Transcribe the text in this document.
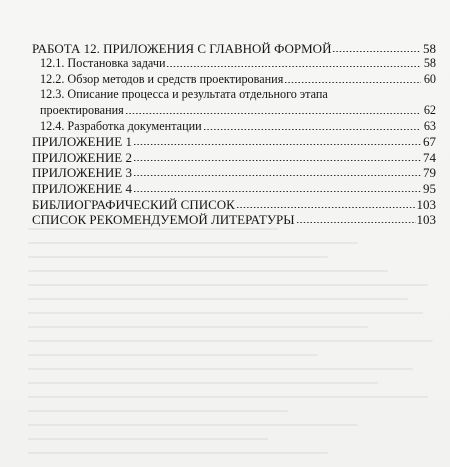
РАБОТА 12. ПРИЛОЖЕНИЯ С ГЛАВНОЙ ФОРМОЙ	58
12.1. Постановка задачи	58
12.2. Обзор методов и средств проектирования	60
12.3. Описание процесса и результата отдельного этапа
проектирования	62
12.4. Разработка документации	63
ПРИЛОЖЕНИЕ 1	67
ПРИЛОЖЕНИЕ 2	74
ПРИЛОЖЕНИЕ 3	79
ПРИЛОЖЕНИЕ 4	95
БИБЛИОГРАФИЧЕСКИЙ СПИСОК	103
СПИСОК РЕКОМЕНДУЕМОЙ ЛИТЕРАТУРЫ	103
